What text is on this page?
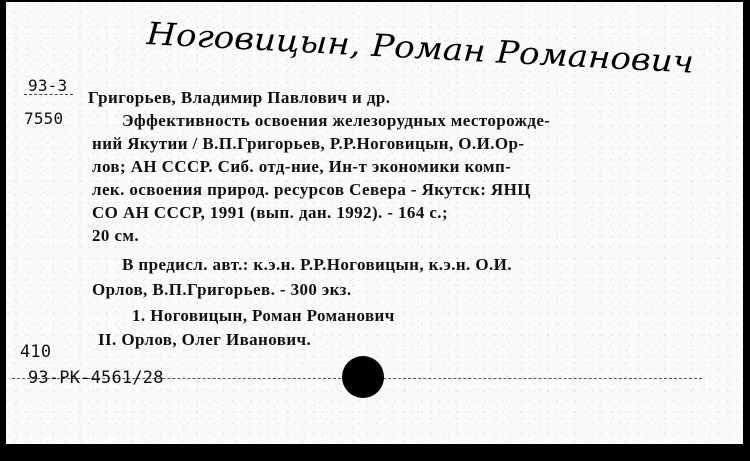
Ноговицын, Роман Романович

93-3

7550

Григорьев, Владимир Павлович и др.

Эффективность освоения железорудных месторожде-

ний Якутии / В.П.Григорьев, Р.Р.Ноговицын, О.И.Ор-

лов; АН СССР. Сиб. отд-ние, Ин-т экономики комп-

лек. освоения природ. ресурсов Севера - Якутск: ЯНЦ

СО АН СССР, 1991 (вып. дан. 1992). - 164 с.;

20 см.

В предисл. авт.: к.э.н. Р.Р.Ноговицын, к.э.н. О.И.

Орлов, В.П.Григорьев. - 300 экз.

1. Ноговицын, Роман Романович

II. Орлов, Олег Иванович.

410

93-РК-4561/28
